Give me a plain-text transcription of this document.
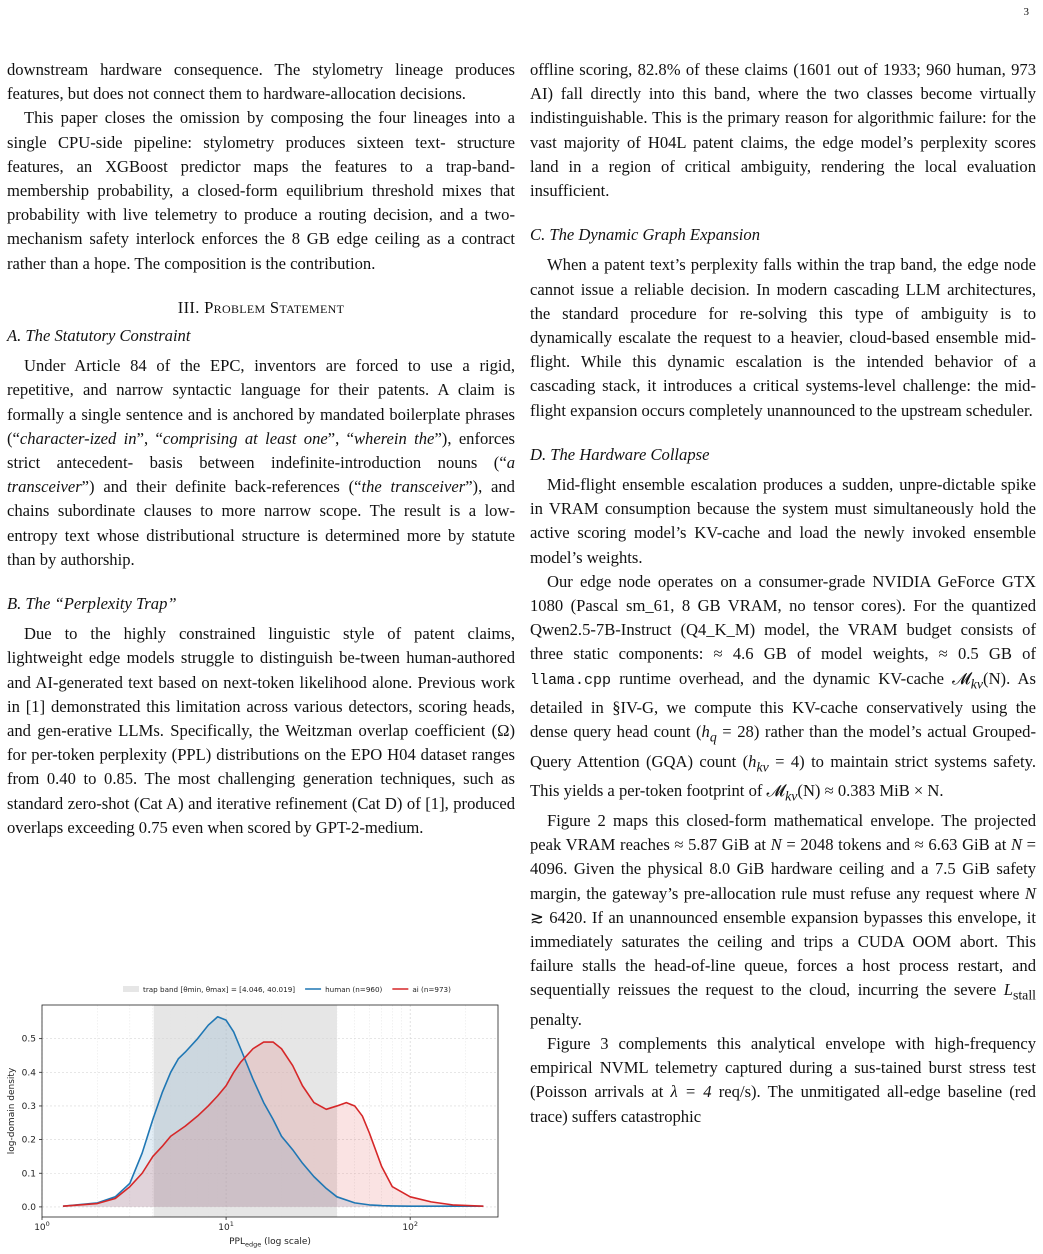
3

downstream hardware consequence. The stylometry lineage produces features, but does not connect them to hardware-allocation decisions.

This paper closes the omission by composing the four lineages into a single CPU-side pipeline: stylometry produces sixteen text- structure features, an XGBoost predictor maps the features to a trap-band-membership probability, a closed-form equilibrium threshold mixes that probability with live telemetry to produce a routing decision, and a two-mechanism safety interlock enforces the 8 GB edge ceiling as a contract rather than a hope. The composition is the contribution.

III. Problem Statement
A. The Statutory Constraint

Under Article 84 of the EPC, inventors are forced to use a rigid, repetitive, and narrow syntactic language for their patents. A claim is formally a single sentence and is anchored by mandated boilerplate phrases (“character-ized in”, “comprising at least one”, “wherein the”), enforces strict antecedent- basis between indefinite-introduction nouns (“a transceiver”) and their definite back-references (“the transceiver”), and chains subordinate clauses to more narrow scope. The result is a low-entropy text whose distributional structure is determined more by statute than by authorship.

B. The “Perplexity Trap”

Due to the highly constrained linguistic style of patent claims, lightweight edge models struggle to distinguish be-tween human-authored and AI-generated text based on next-token likelihood alone. Previous work in [1] demonstrated this limitation across various detectors, scoring heads, and gen-erative LLMs. Specifically, the Weitzman overlap coefficient (Ω) for per-token perplexity (PPL) distributions on the EPO H04 dataset ranges from 0.40 to 0.85. The most challenging generation techniques, such as standard zero-shot (Cat A) and iterative refinement (Cat D) of [1], produced overlaps exceeding 0.75 even when scored by GPT-2-medium.

offline scoring, 82.8% of these claims (1601 out of 1933; 960 human, 973 AI) fall directly into this band, where the two classes become virtually indistinguishable. This is the primary reason for algorithmic failure: for the vast majority of H04L patent claims, the edge model’s perplexity scores land in a region of critical ambiguity, rendering the local evaluation insufficient.

C. The Dynamic Graph Expansion

When a patent text’s perplexity falls within the trap band, the edge node cannot issue a reliable decision. In modern cascading LLM architectures, the standard procedure for re-solving this type of ambiguity is to dynamically escalate the request to a heavier, cloud-based ensemble mid-flight. While this dynamic escalation is the intended behavior of a cascading stack, it introduces a critical systems-level challenge: the mid-flight expansion occurs completely unannounced to the upstream scheduler.

D. The Hardware Collapse

Mid-flight ensemble escalation produces a sudden, unpre-dictable spike in VRAM consumption because the system must simultaneously hold the active scoring model’s KV-cache and load the newly invoked ensemble model’s weights.

Our edge node operates on a consumer-grade NVIDIA GeForce GTX 1080 (Pascal sm_61, 8 GB VRAM, no tensor cores). For the quantized Qwen2.5-7B-Instruct (Q4_K_M) model, the VRAM budget consists of three static components: ≈ 4.6 GB of model weights, ≈ 0.5 GB of llama.cpp runtime overhead, and the dynamic KV-cache 𝓜$_{kv}$(N). As detailed in §IV-G, we compute this KV-cache conservatively using the dense query head count $(h_q = 28)$ rather than the model’s actual Grouped-Query Attention (GQA) count $(h_{kv} = 4)$ to maintain strict systems safety. This yields a per-token footprint of 𝓜$_{kv}$(N) ≈ 0.383 MiB × N.

Figure 2 maps this closed-form mathematical envelope. The projected peak VRAM reaches ≈ 5.87 GiB at N = 2048 tokens and ≈ 6.63 GiB at N = 4096. Given the physical 8.0 GiB hardware ceiling and a 7.5 GiB safety margin, the gateway’s pre-allocation rule must refuse any request where N ≳ 6420. If an unannounced ensemble expansion bypasses this envelope, it immediately saturates the ceiling and trips a CUDA OOM abort. This failure stalls the head-of-line queue, forces a host process restart, and sequentially reissues the request to the cloud, incurring the severe $L_{stall}$ penalty.

Figure 3 complements this analytical envelope with high-frequency empirical NVML telemetry captured during a sus-tained burst stress test (Poisson arrivals at λ = 4 req/s). The unmitigated all-edge baseline (red trace) suffers catastrophic

$10^0$	$10^1$	$10^2$
0.0
0.1
0.2
0.3
0.4
0.5
trap band [θmin, θmax] = [4.046, 40.019]	human (n=960)	ai (n=973)
$PPL_{edge}$ (log scale)
log-domain density
